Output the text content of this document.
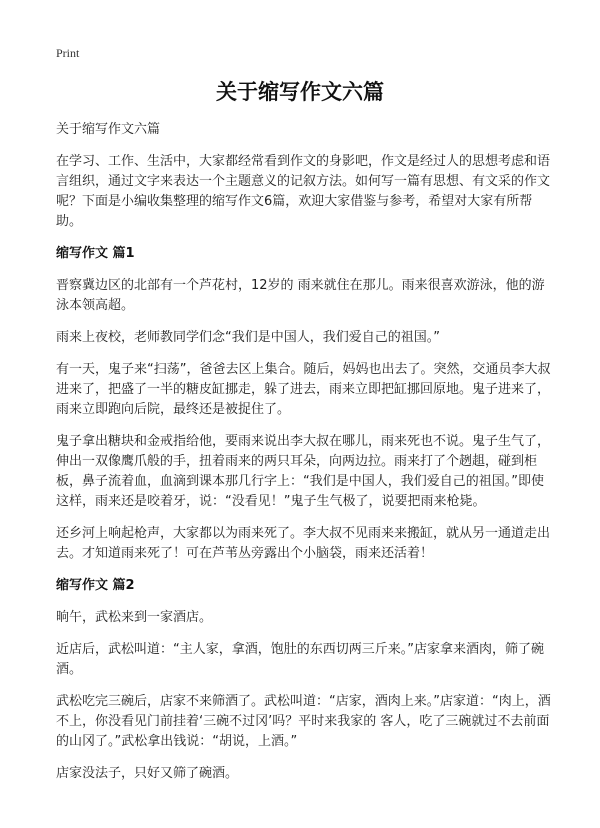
Print
关于缩写作文六篇

关于缩写作文六篇

在学习、工作、生活中，大家都经常看到作文的身影吧，作文是经过人的思想考虑和语言组织，通过文字来表达一个主题意义的记叙方法。如何写一篇有思想、有文采的作文呢？下面是小编收集整理的缩写作文6篇，欢迎大家借鉴与参考，希望对大家有所帮助。

缩写作文 篇1

晋察冀边区的北部有一个芦花村，12岁的 雨来就住在那儿。雨来很喜欢游泳，他的游泳本领高超。

雨来上夜校，老师教同学们念“我们是中国人，我们爱自己的祖国。”

有一天，鬼子来“扫荡”，爸爸去区上集合。随后，妈妈也出去了。突然，交通员李大叔进来了，把盛了一半的糖皮缸挪走，躲了进去，雨来立即把缸挪回原地。鬼子进来了，雨来立即跑向后院，最终还是被捉住了。

鬼子拿出糖块和金戒指给他，要雨来说出李大叔在哪儿，雨来死也不说。鬼子生气了，伸出一双像鹰爪般的手，扭着雨来的两只耳朵，向两边拉。雨来打了个趔趄，碰到柜板，鼻子流着血，血滴到课本那几行字上：“我们是中国人，我们爱自己的祖国。”即使这样，雨来还是咬着牙，说：“没看见！”鬼子生气极了，说要把雨来枪毙。

还乡河上响起枪声，大家都以为雨来死了。李大叔不见雨来来搬缸，就从另一通道走出去。才知道雨来死了！可在芦苇丛旁露出个小脑袋，雨来还活着！

缩写作文 篇2

晌午，武松来到一家酒店。

近店后，武松叫道：“主人家，拿酒，饱肚的东西切两三斤来。”店家拿来酒肉，筛了碗酒。

武松吃完三碗后，店家不来筛酒了。武松叫道：“店家，酒肉上来。”店家道：“肉上，酒不上，你没看见门前挂着‘三碗不过冈’吗？平时来我家的 客人，吃了三碗就过不去前面的山冈了。”武松拿出钱说：“胡说，上酒。”

店家没法子，只好又筛了碗酒。
